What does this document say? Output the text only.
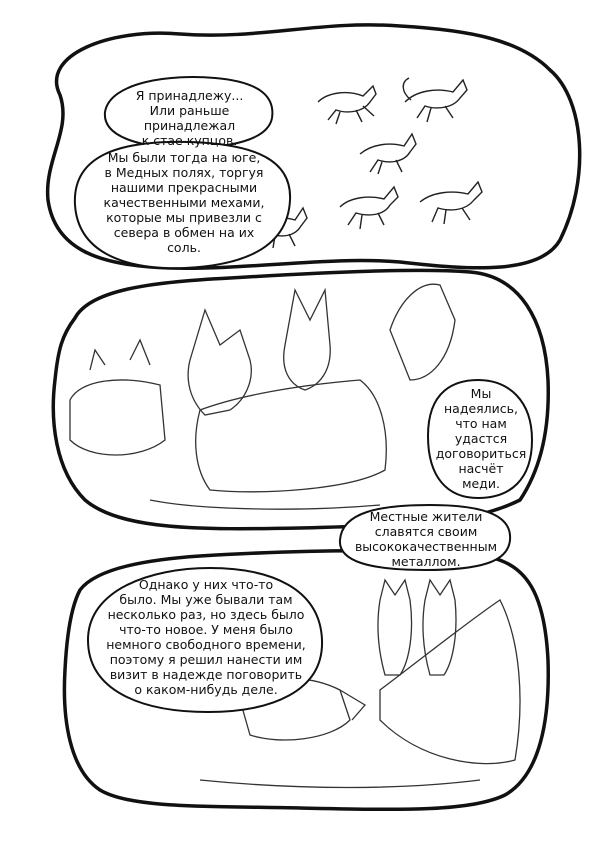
Я принадлежу...
Или раньше принадлежал
к стае купцов.
Мы были тогда на юге,
в Медных полях, торгуя
нашими прекрасными
качественными мехами,
которые мы привезли с
севера в обмен на их
соль.
Мы
надеялись,
что нам
удастся
договориться
насчёт
меди.
Местные жители
славятся своим
высококачественным
металлом.
Однако у них что-то
было. Мы уже бывали там
несколько раз, но здесь было
что-то новое. У меня было
немного свободного времени,
поэтому я решил нанести им
визит в надежде поговорить
о каком-нибудь деле.
